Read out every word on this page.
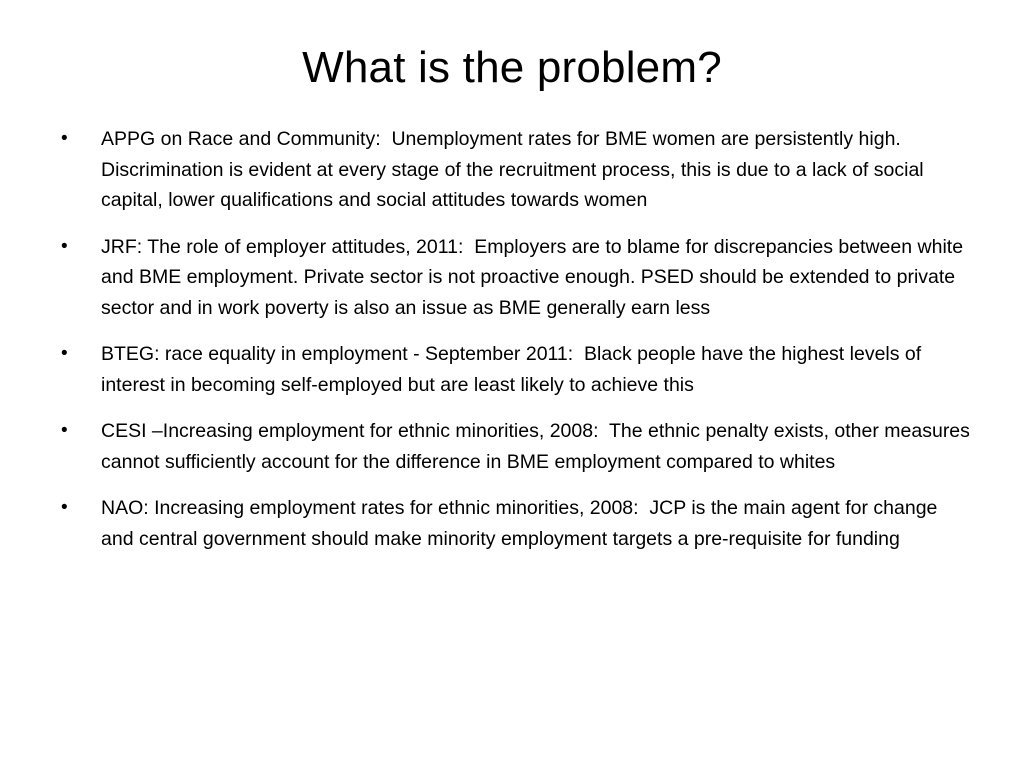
What is the problem?
• APPG on Race and Community:  Unemployment rates for BME women are persistently high. Discrimination is evident at every stage of the recruitment process, this is due to a lack of social capital, lower qualifications and social attitudes towards women
• JRF: The role of employer attitudes, 2011:  Employers are to blame for discrepancies between white and BME employment. Private sector is not proactive enough. PSED should be extended to private sector and in work poverty is also an issue as BME generally earn less
• BTEG: race equality in employment - September 2011:  Black people have the highest levels of interest in becoming self-employed but are least likely to achieve this
• CESI –Increasing employment for ethnic minorities, 2008:  The ethnic penalty exists, other measures cannot sufficiently account for the difference in BME employment compared to whites
• NAO: Increasing employment rates for ethnic minorities, 2008:  JCP is the main agent for change and central government should make minority employment targets a pre-requisite for funding
